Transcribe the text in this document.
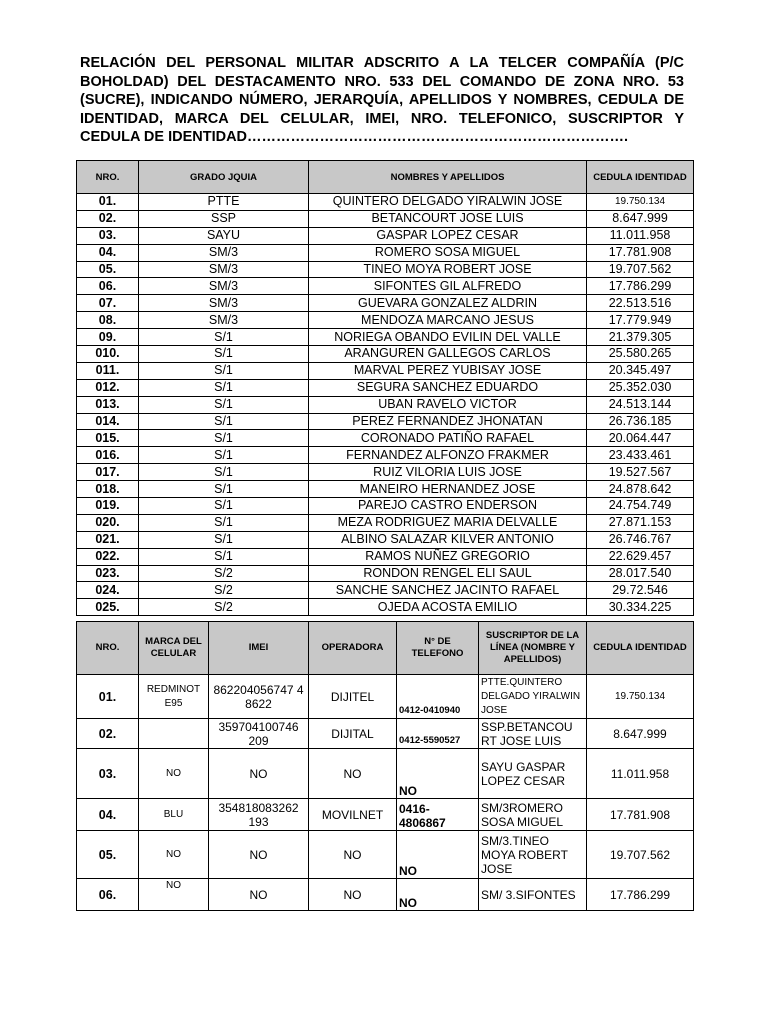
RELACIÓN DEL PERSONAL MILITAR ADSCRITO A LA TELCER COMPAÑÍA (P/C BOHOLDAD) DEL DESTACAMENTO NRO. 533 DEL COMANDO DE ZONA NRO. 53 (SUCRE), INDICANDO NÚMERO, JERARQUÍA, APELLIDOS Y NOMBRES, CEDULA DE IDENTIDAD, MARCA DEL CELULAR, IMEI, NRO. TELEFONICO, SUSCRIPTOR Y CEDULA DE IDENTIDAD…………………………………………………………………….

NRO.	GRADO JQUIA	NOMBRES Y APELLIDOS	CEDULA IDENTIDAD
01.	PTTE	QUINTERO DELGADO YIRALWIN JOSE	19.750.134
02.	SSP	BETANCOURT JOSE LUIS	8.647.999
03.	SAYU	GASPAR LOPEZ CESAR	11.011.958
04.	SM/3	ROMERO SOSA MIGUEL	17.781.908
05.	SM/3	TINEO MOYA ROBERT JOSE	19.707.562
06.	SM/3	SIFONTES GIL ALFREDO	17.786.299
07.	SM/3	GUEVARA GONZALEZ ALDRIN	22.513.516
08.	SM/3	MENDOZA MARCANO JESUS	17.779.949
09.	S/1	NORIEGA OBANDO EVILIN DEL VALLE	21.379.305
010.	S/1	ARANGUREN GALLEGOS CARLOS	25.580.265
011.	S/1	MARVAL PEREZ YUBISAY JOSE	20.345.497
012.	S/1	SEGURA SANCHEZ EDUARDO	25.352.030
013.	S/1	UBAN RAVELO VICTOR	24.513.144
014.	S/1	PEREZ FERNANDEZ JHONATAN	26.736.185
015.	S/1	CORONADO PATIÑO RAFAEL	20.064.447
016.	S/1	FERNANDEZ ALFONZO FRAKMER	23.433.461
017.	S/1	RUIZ VILORIA LUIS JOSE	19.527.567
018.	S/1	MANEIRO HERNANDEZ JOSE	24.878.642
019.	S/1	PAREJO CASTRO ENDERSON	24.754.749
020.	S/1	MEZA RODRIGUEZ MARIA DELVALLE	27.871.153
021.	S/1	ALBINO SALAZAR KILVER ANTONIO	26.746.767
022.	S/1	RAMOS NUÑEZ GREGORIO	22.629.457
023.	S/2	RONDON RENGEL ELI SAUL	28.017.540
024.	S/2	SANCHE SANCHEZ JACINTO RAFAEL	29.72.546
025.	S/2	OJEDA ACOSTA EMILIO	30.334.225
NRO.	MARCA DEL CELULAR	IMEI	OPERADORA	N° DE TELEFONO	SUSCRIPTOR DE LA LÍNEA (NOMBRE Y APELLIDOS)	CEDULA IDENTIDAD
01.	REDMINOT E95	862204056747 4 8622	DIJITEL	0412-0410940	PTTE.QUINTERO DELGADO YIRALWIN JOSE	19.750.134
02.		359704100746 209	DIJITAL	0412-5590527	SSP.BETANCOU RT JOSE LUIS	8.647.999
03.	NO	NO	NO	NO	SAYU GASPAR LOPEZ CESAR	11.011.958
04.	BLU	354818083262 193	MOVILNET	0416- 4806867	SM/3ROMERO SOSA MIGUEL	17.781.908
05.	NO	NO	NO	NO	SM/3.TINEO MOYA ROBERT JOSE	19.707.562
06.	NO	NO	NO	NO	SM/ 3.SIFONTES	17.786.299
